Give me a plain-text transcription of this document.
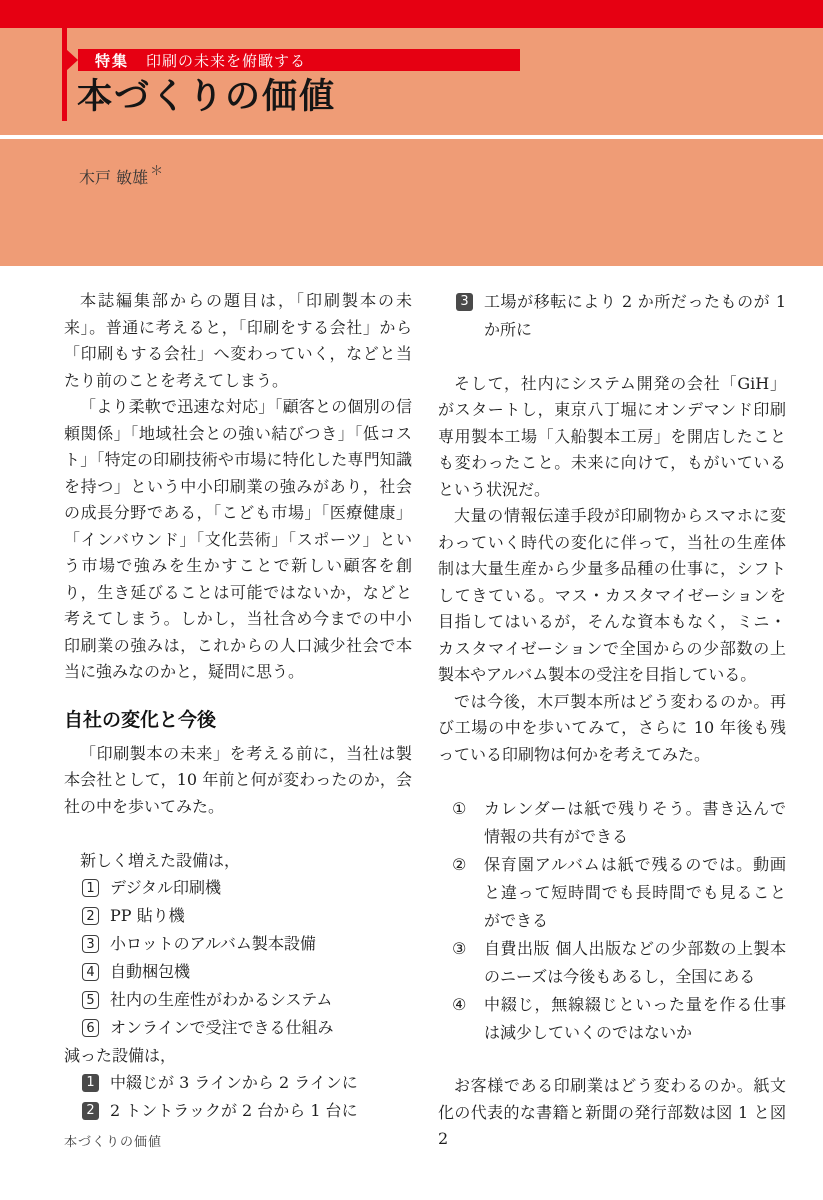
特集 印刷の未来を俯瞰する
本づくりの価値
木戸 敏雄 ＊
本誌編集部からの題目は，「印刷製本の未来」。普通に考えると，「印刷をする会社」から「印刷もする会社」へ変わっていく，などと当たり前のことを考えてしまう。
「より柔軟で迅速な対応」「顧客との個別の信頼関係」「地域社会との強い結びつき」「低コスト」「特定の印刷技術や市場に特化した専門知識を持つ」という中小印刷業の強みがあり，社会の成長分野である，「こども市場」「医療健康」「インバウンド」「文化芸術」「スポーツ」という市場で強みを生かすことで新しい顧客を創り，生き延びることは可能ではないか，などと考えてしまう。しかし，当社含め今までの中小印刷業の強みは，これからの人口減少社会で本当に強みなのかと，疑問に思う。
自社の変化と今後
「印刷製本の未来」を考える前に，当社は製本会社として，10 年前と何が変わったのか，会社の中を歩いてみた。
新しく増えた設備は，
1 デジタル印刷機
2 PP 貼り機
3 小ロットのアルバム製本設備
4 自動梱包機
5 社内の生産性がわかるシステム
6 オンラインで受注できる仕組み
減った設備は，
1 中綴じが 3 ラインから 2 ラインに
2 2 トントラックが 2 台から 1 台に
3 工場が移転により 2 か所だったものが 1 か所に
そして，社内にシステム開発の会社「GiH」がスタートし，東京八丁堀にオンデマンド印刷専用製本工場「入船製本工房」を開店したことも変わったこと。未来に向けて，もがいているという状況だ。
大量の情報伝達手段が印刷物からスマホに変わっていく時代の変化に伴って，当社の生産体制は大量生産から少量多品種の仕事に，シフトしてきている。マス・カスタマイゼーションを目指してはいるが，そんな資本もなく，ミニ・カスタマイゼーションで全国からの少部数の上製本やアルバム製本の受注を目指している。
では今後，木戸製本所はどう変わるのか。再び工場の中を歩いてみて，さらに 10 年後も残っている印刷物は何かを考えてみた。
① カレンダーは紙で残りそう。書き込んで情報の共有ができる
② 保育園アルバムは紙で残るのでは。動画と違って短時間でも長時間でも見ることができる
③ 自費出版 個人出版などの少部数の上製本のニーズは今後もあるし，全国にある
④ 中綴じ，無線綴じといった量を作る仕事は減少していくのではないか
お客様である印刷業はどう変わるのか。紙文化の代表的な書籍と新聞の発行部数は図 1 と図 2
本づくりの価値
